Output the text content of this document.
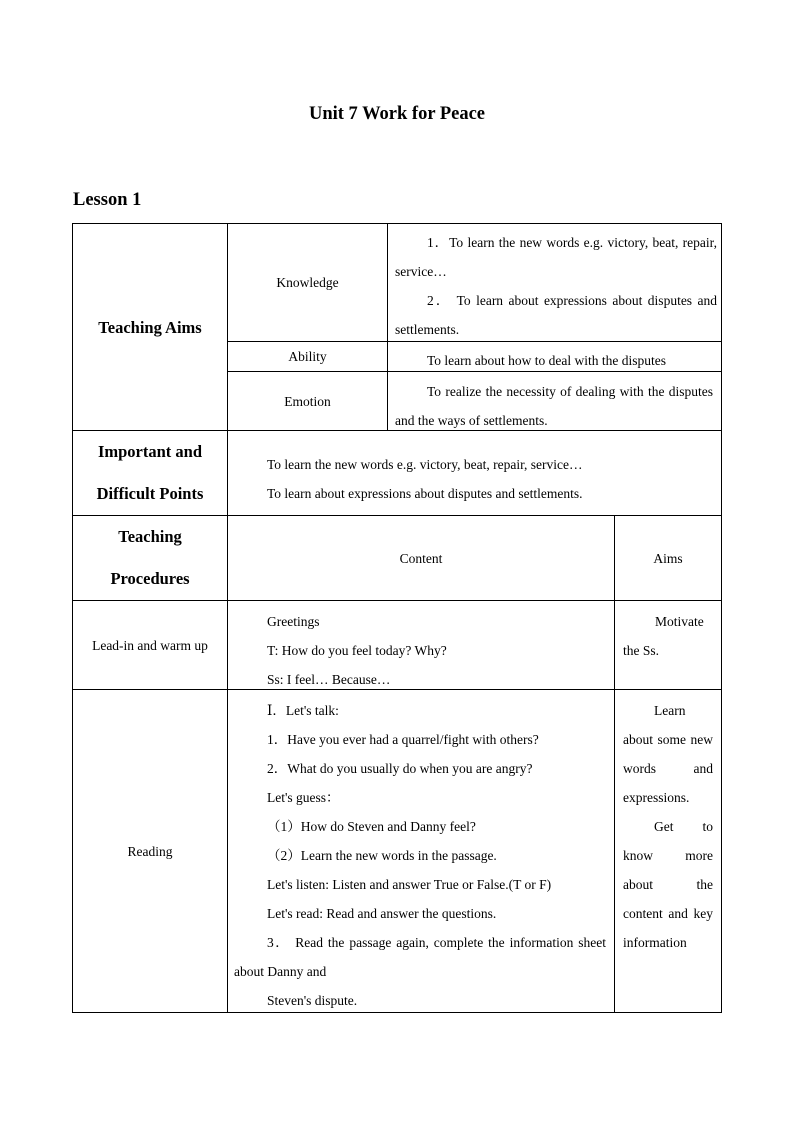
Unit 7 Work for Peace
Lesson 1
Teaching Aims
Knowledge
1．To learn the new words e.g. victory, beat, repair, service…
2． To learn about expressions about disputes and settlements.
Ability	To learn about how to deal with the disputes
Emotion
To realize the necessity of dealing with the disputes and the ways of settlements.
Important and
Difficult Points
To learn the new words e.g. victory, beat, repair, service…
To learn about expressions about disputes and settlements.
Teaching
Procedures
Content	Aims
Lead-in and warm up
Greetings
T: How do you feel today? Why?
Ss: I feel… Because…
Motivate the Ss.
Reading
Ⅰ．Let's talk:
1．Have you ever had a quarrel/fight with others?
2．What do you usually do when you are angry?
Let's guess：
（1）How do Steven and Danny feel?
（2）Learn the new words in the passage.
Let's listen: Listen and answer True or False.(T or F)
Let's read: Read and answer the questions.
3． Read the passage again, complete the information sheet about Danny and
Steven's dispute.
Learn about some new words and expressions.
Get to know more about the content and key information
